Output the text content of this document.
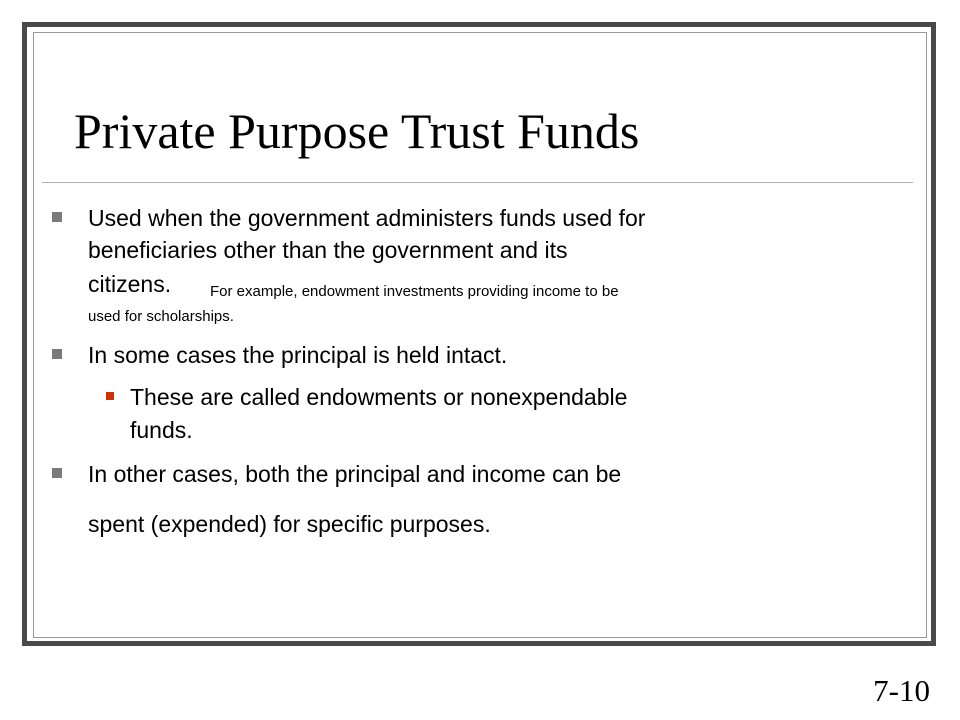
Private Purpose Trust Funds
Used when the government administers funds used for
beneficiaries other than the government and its
citizens.	For example, endowment investments providing income to be
used for scholarships.
In some cases the principal is held intact.
These are called endowments or nonexpendable
funds.
In other cases, both the principal and income can be
spent (expended) for specific purposes.
7-10
